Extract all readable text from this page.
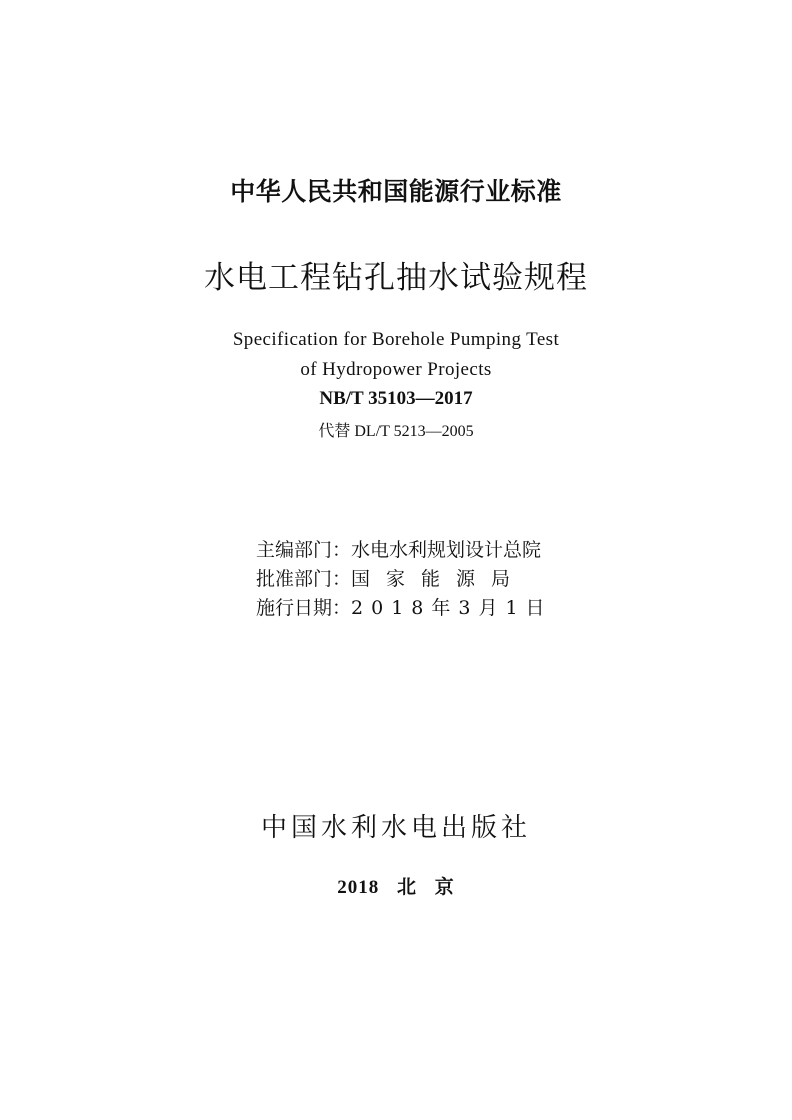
中华人民共和国能源行业标准
水电工程钻孔抽水试验规程
Specification for Borehole Pumping Test
of Hydropower Projects
NB/T 35103—2017
代替 DL/T 5213—2005
主编部门： 水电水利规划设计总院
批准部门： 国家能源局
施行日期： 2018年3月1日
中国水利水电出版社
2018 北 京
